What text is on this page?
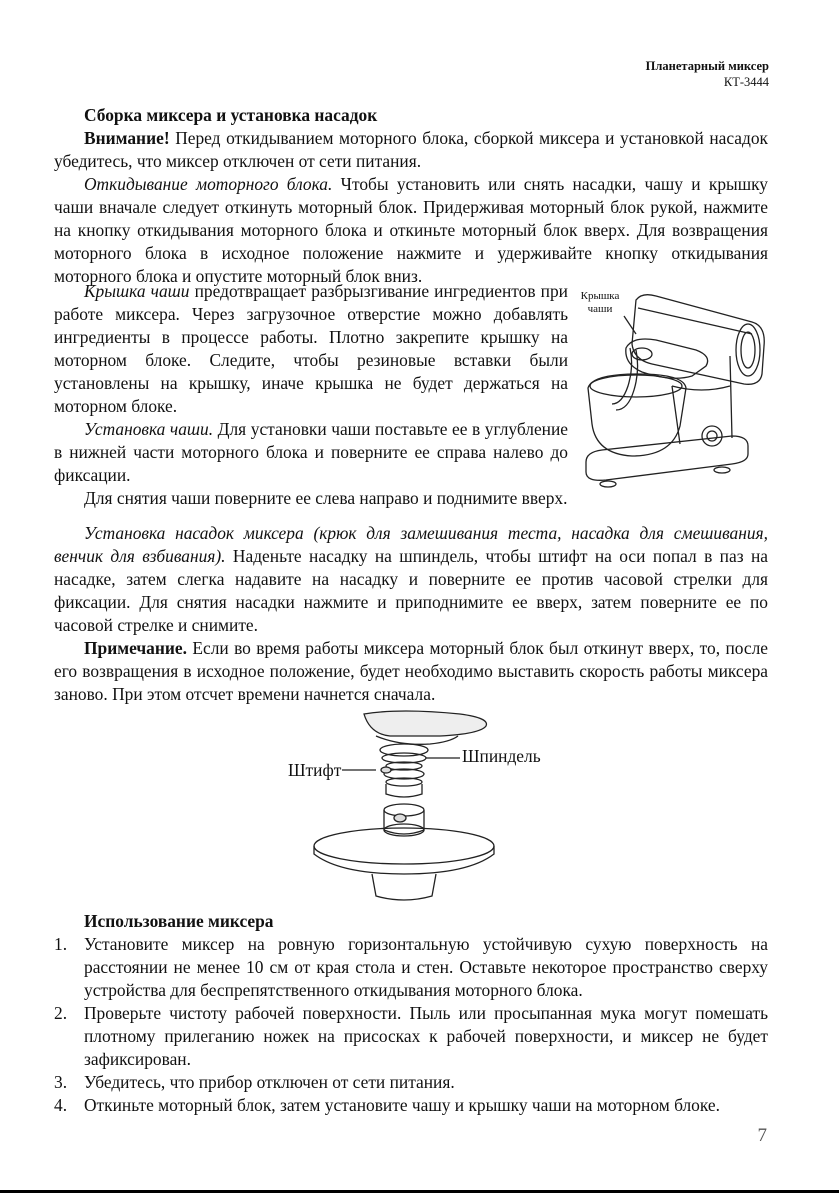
Планетарный миксер
КТ-3444

Сборка миксера и установка насадок

Внимание! Перед откидыванием моторного блока, сборкой миксера и установкой насадок убедитесь, что миксер отключен от сети питания.

Откидывание моторного блока. Чтобы установить или снять насадки, чашу и крышку чаши вначале следует откинуть моторный блок. Придерживая моторный блок рукой, нажмите на кнопку откидывания моторного блока и откиньте моторный блок вверх. Для возвращения моторного блока в исходное положение нажмите и удерживайте кнопку откидывания моторного блока и опустите моторный блок вниз.

Крышка чаши предотвращает разбрызгивание ингредиентов при работе миксера. Через загрузочное отверстие можно добавлять ингредиенты в процессе работы. Плотно закрепите крышку на моторном блоке. Следите, чтобы резиновые вставки были установлены на крышку, иначе крышка не будет держаться на моторном блоке.

Установка чаши. Для установки чаши поставьте ее в углубление в нижней части моторного блока и поверните ее справа налево до фиксации.

Для снятия чаши поверните ее слева направо и поднимите вверх.

Крышка чаши

Установка насадок миксера (крюк для замешивания теста, насадка для смешивания, венчик для взбивания). Наденьте насадку на шпиндель, чтобы штифт на оси попал в паз на насадке, затем слегка надавите на насадку и поверните ее против часовой стрелки для фиксации. Для снятия насадки нажмите и приподнимите ее вверх, затем поверните ее по часовой стрелке и снимите.

Примечание. Если во время работы миксера моторный блок был откинут вверх, то, после его возвращения в исходное положение, будет необходимо выставить скорость работы миксера заново. При этом отсчет времени начнется сначала.

Штифт
Шпиндель
Использование миксера
1. Установите миксер на ровную горизонтальную устойчивую сухую поверхность на расстоянии не менее 10 см от края стола и стен. Оставьте некоторое пространство сверху устройства для беспрепятственного откидывания моторного блока.
2. Проверьте чистоту рабочей поверхности. Пыль или просыпанная мука могут помешать плотному прилеганию ножек на присосках к рабочей поверхности, и миксер не будет зафиксирован.
3. Убедитесь, что прибор отключен от сети питания.
4. Откиньте моторный блок, затем установите чашу и крышку чаши на моторном блоке.
7
